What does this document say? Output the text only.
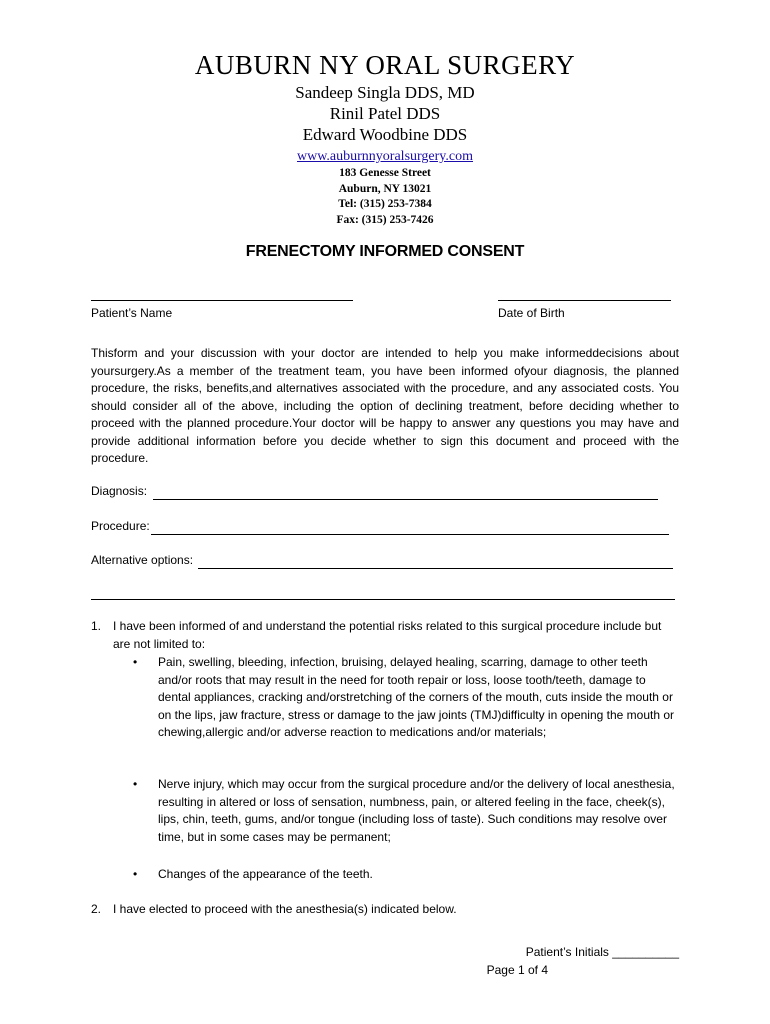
AUBURN NY ORAL SURGERY
Sandeep Singla DDS, MD
Rinil Patel DDS
Edward Woodbine DDS
www.auburnnyoralsurgery.com
183 Genesse Street
Auburn, NY 13021
Tel: (315) 253-7384
Fax: (315) 253-7426
FRENECTOMY INFORMED CONSENT
Patient’s Name	Date of Birth
Thisform and your discussion with your doctor are intended to help you make informeddecisions about yoursurgery.As a member of the treatment team, you have been informed ofyour diagnosis, the planned procedure, the risks, benefits,and alternatives associated with the procedure, and any associated costs. You should consider all of the above, including the option of declining treatment, before deciding whether to proceed with the planned procedure.Your doctor will be happy to answer any questions you may have and provide additional information before you decide whether to sign this document and proceed with the procedure.
Diagnosis:
Procedure:
Alternative options:
1. I have been informed of and understand the potential risks related to this surgical procedure include but are not limited to:
• Pain, swelling, bleeding, infection, bruising, delayed healing, scarring, damage to other teeth and/or roots that may result in the need for tooth repair or loss, loose tooth/teeth, damage to dental appliances, cracking and/orstretching of the corners of the mouth, cuts inside the mouth or on the lips, jaw fracture, stress or damage to the jaw joints (TMJ)difficulty in opening the mouth or chewing,allergic and/or adverse reaction to medications and/or materials;
• Nerve injury, which may occur from the surgical procedure and/or the delivery of local anesthesia, resulting in altered or loss of sensation, numbness, pain, or altered feeling in the face, cheek(s), lips, chin, teeth, gums, and/or tongue (including loss of taste). Such conditions may resolve over time, but in some cases may be permanent;
• Changes of the appearance of the teeth.
2. I have elected to proceed with the anesthesia(s) indicated below.
Patient’s Initials __________
Page 1 of 4
